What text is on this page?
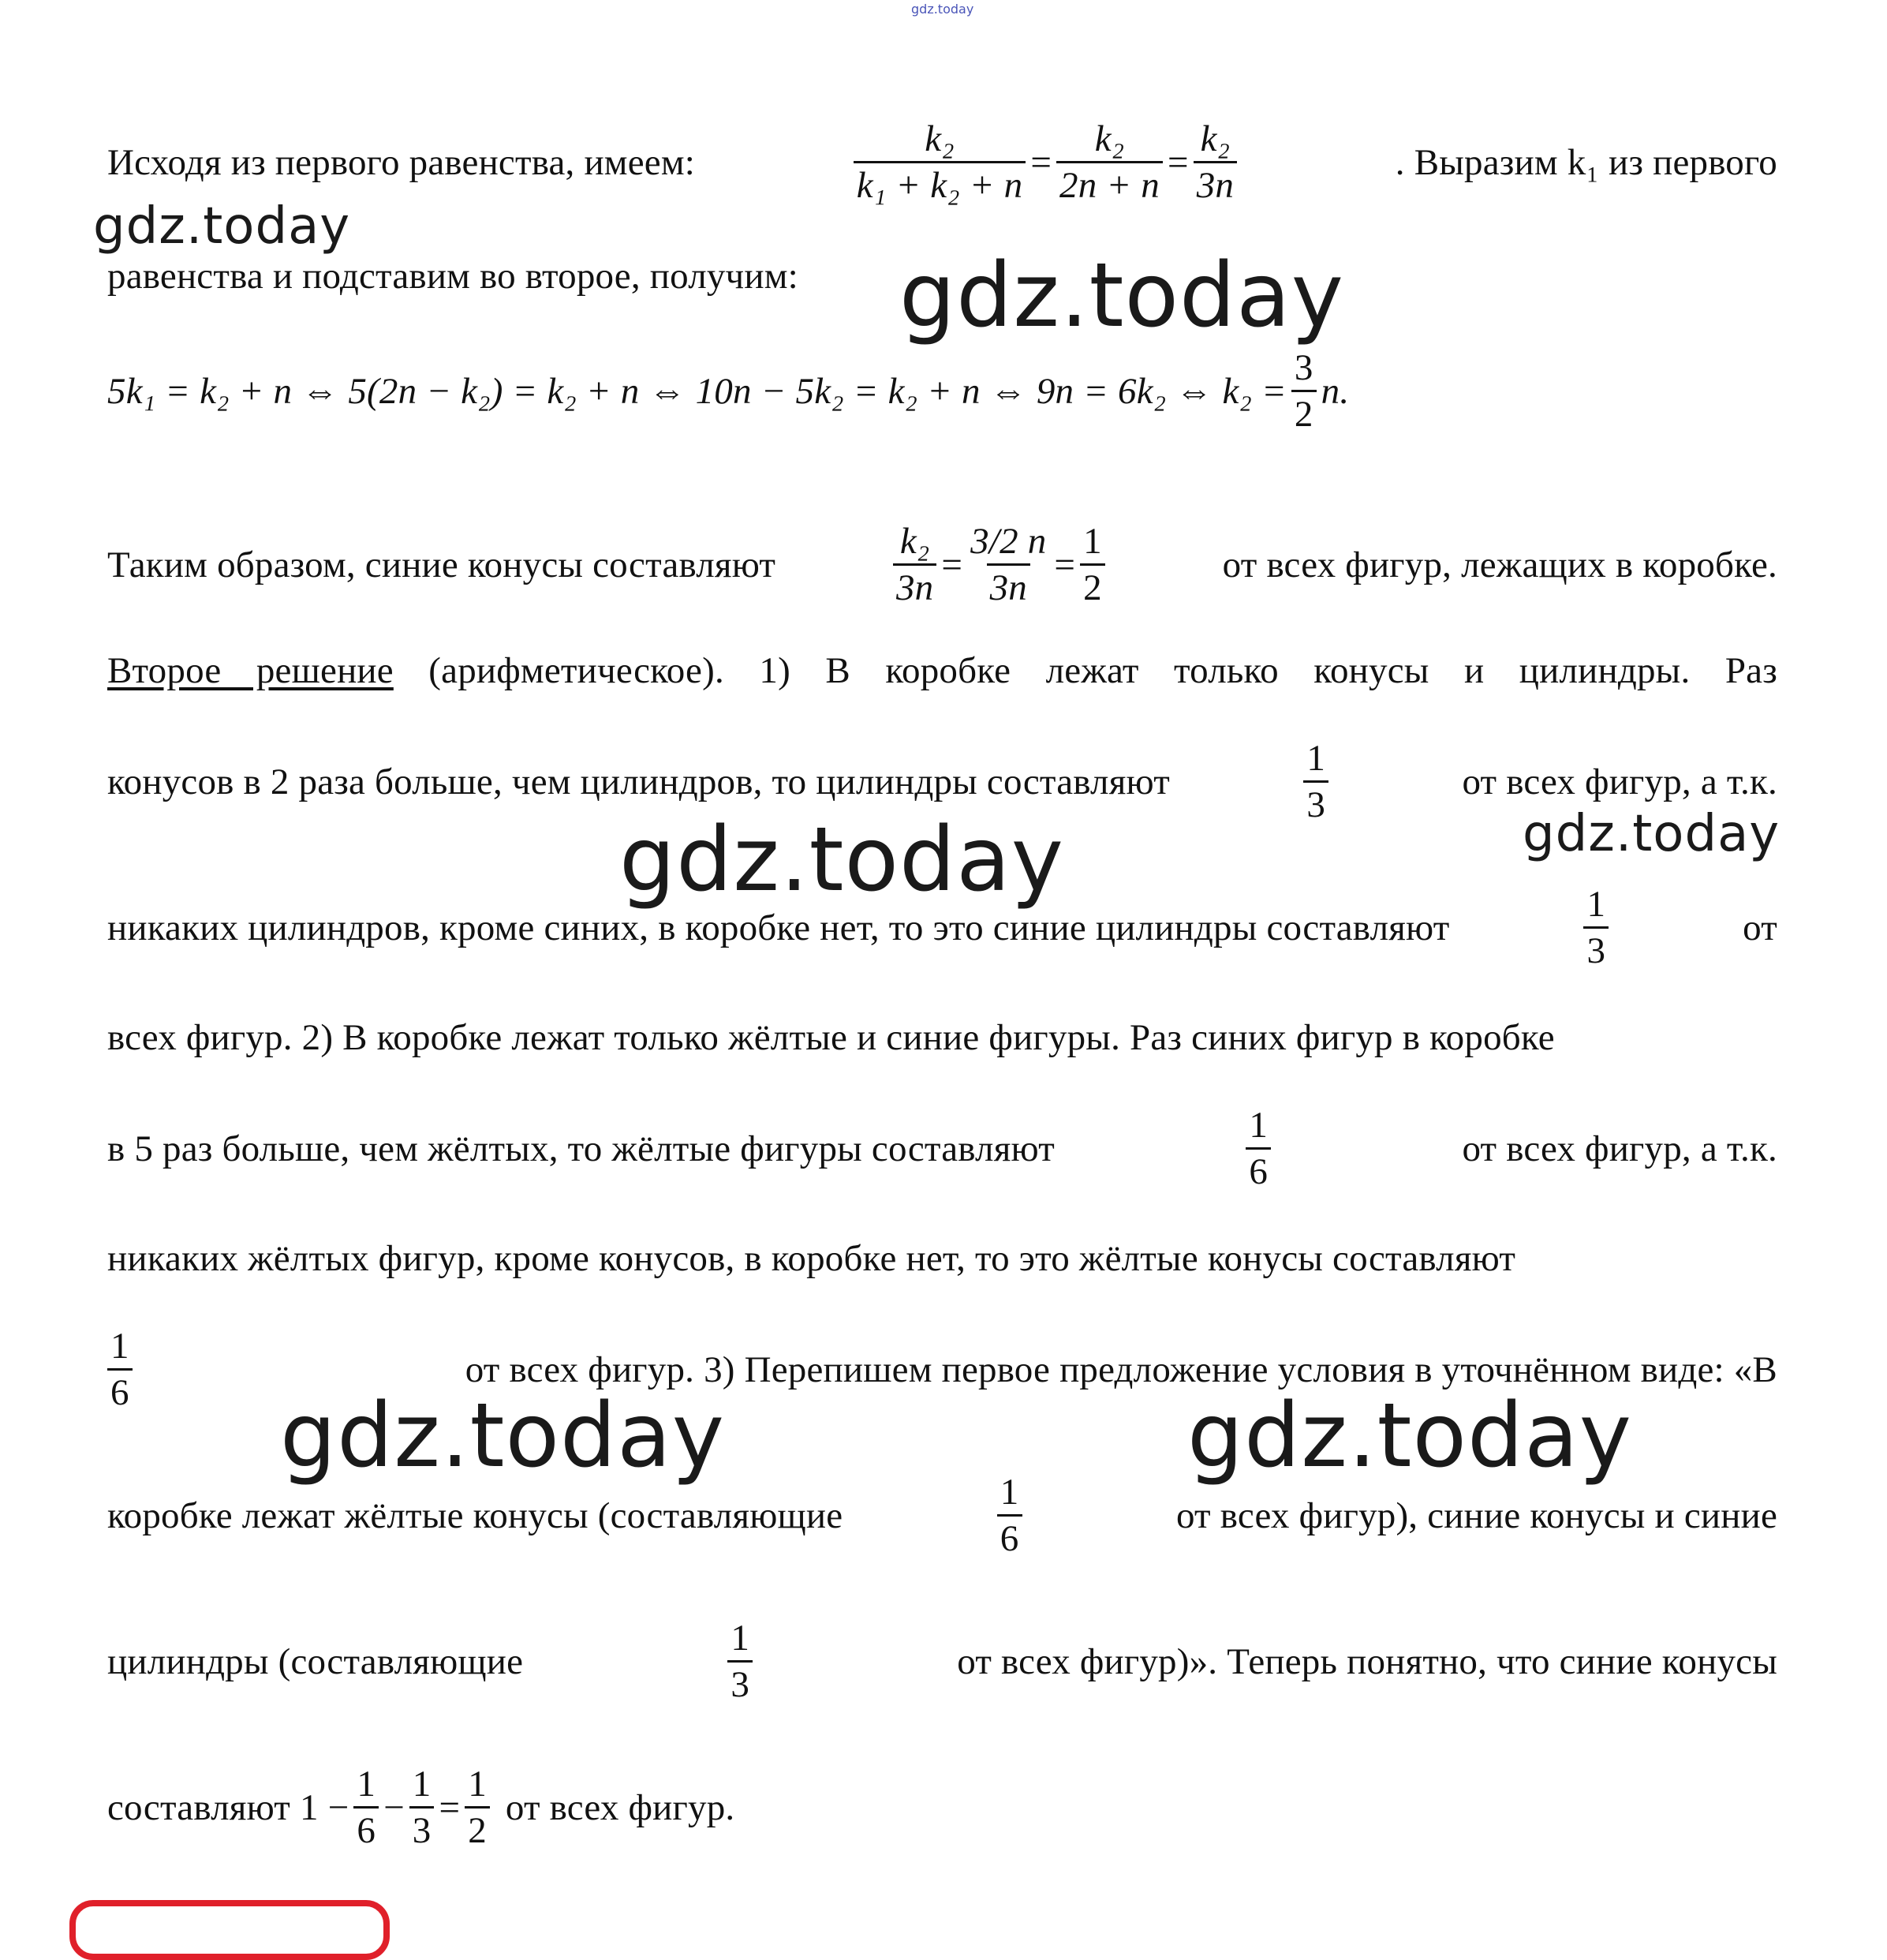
gdz.today
Исходя из первого равенства, имеем:	$\frac{\text{k₂}}{\text{k₁ + k₂ + n}} = \frac{\text{k₂}}{2n + n} = \frac{\text{k₂}}{3n}$	. Выразим k₁ из первого
равенства и подставим во второе, получим:
5k₁ = k₂ + n ⇔ 5(2n − k₂) = k₂ + n ⇔ 10n − 5k₂ = k₂ + n ⇔ 9n = 6k₂ ⇔ $k_2 = \frac{3}{2} n$.
Таким образом, синие конусы составляют	$\frac{\text{k₂}}{3n} = \frac{3/2 n}{3n} = \frac{1}{2}$	от всех фигур, лежащих в коробке.
Второе решение (арифметическое). 1) В коробке лежат только конусы и цилиндры. Раз
конусов в 2 раза больше, чем цилиндров, то цилиндры составляют	$\frac{1}{3}$	от всех фигур, а т.к.
никаких цилиндров, кроме синих, в коробке нет, то это синие цилиндры составляют	$\frac{1}{3}$	от
всех фигур. 2) В коробке лежат только жёлтые и синие фигуры. Раз синих фигур в коробке
в 5 раз больше, чем жёлтых, то жёлтые фигуры составляют	$\frac{1}{6}$	от всех фигур, а т.к.
никаких жёлтых фигур, кроме конусов, в коробке нет, то это жёлтые конусы составляют
$\frac{1}{6}$	от всех фигур. 3) Перепишем первое предложение условия в уточнённом виде: «В
коробке лежат жёлтые конусы (составляющие	$\frac{1}{6}$	от всех фигур), синие конусы и синие
цилиндры (составляющие	$\frac{1}{3}$	от всех фигур)». Теперь понятно, что синие конусы
составляют $1 - \frac{1}{6} - \frac{1}{3} = \frac{1}{2}$ от всех фигур.
gdz.today
gdz.today
gdz.today	gdz.today
gdz.today	gdz.today
